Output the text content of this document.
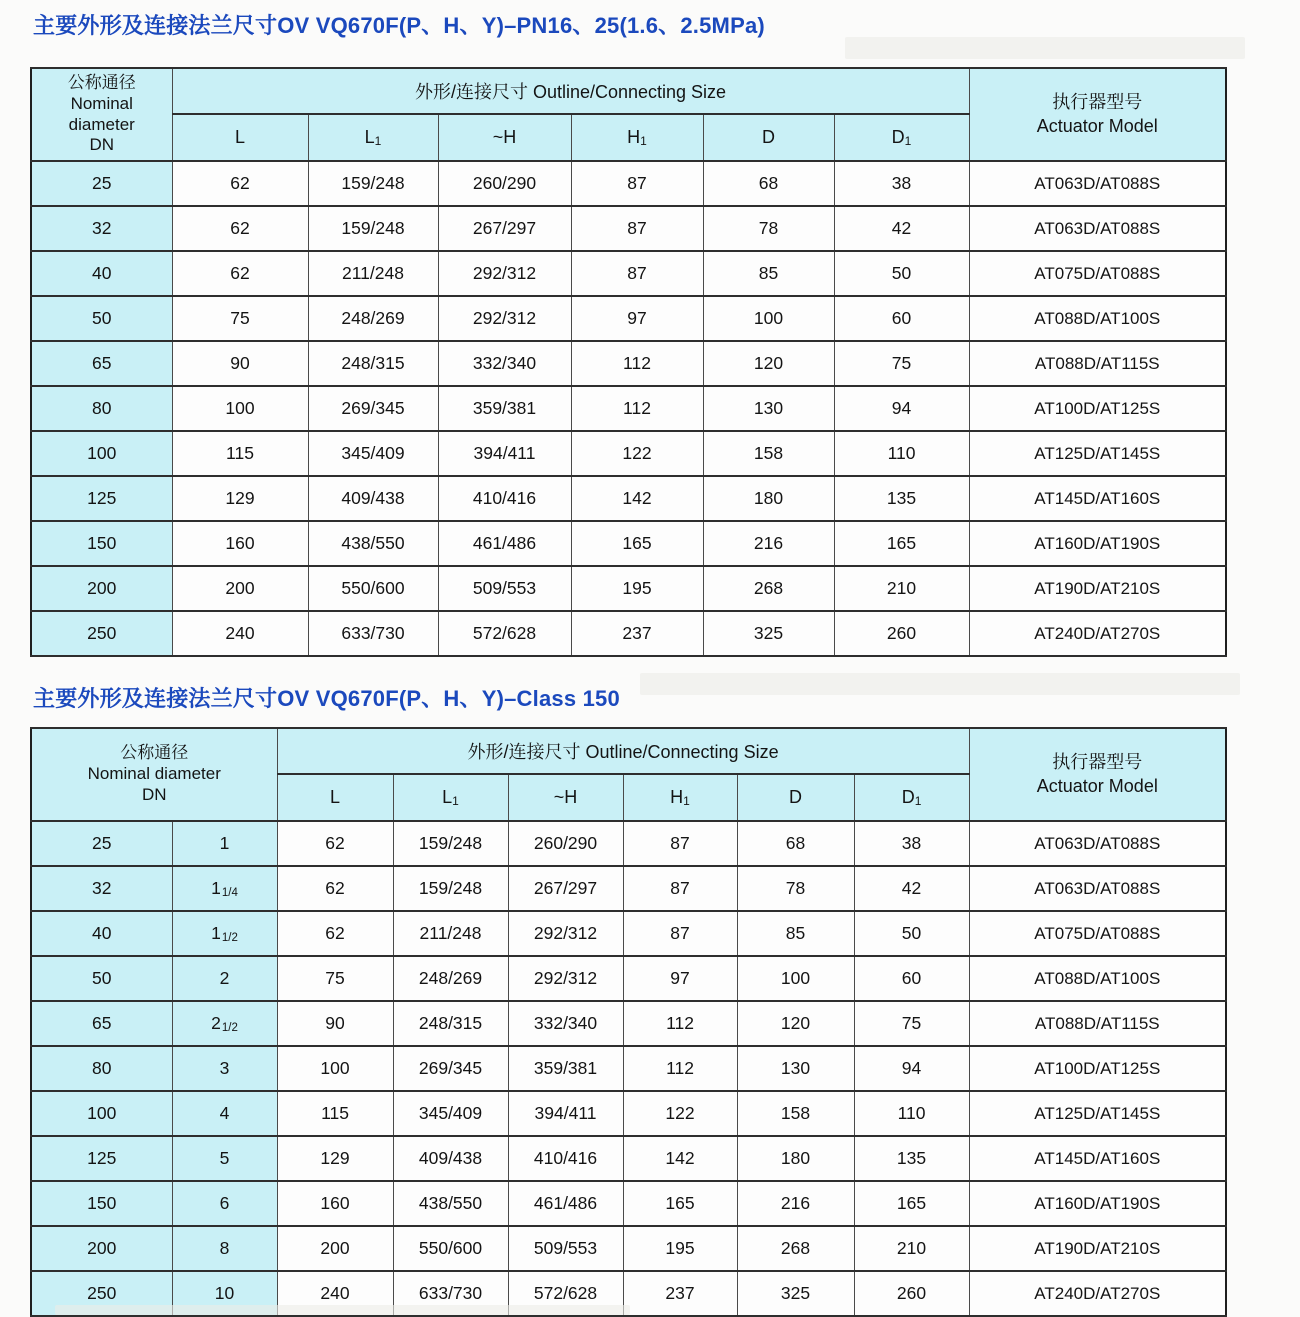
主要外形及连接法兰尺寸OV VQ670F(P、H、Y)–PN16、25(1.6、2.5MPa)
公称通径
Nominal
diameter
DN
	外形/连接尺寸 Outline/Connecting Size	
执行器型号
Actuator Model

	L	$L_1$	~H	$H_1$	D	$D_1$
25	62	159/248	260/290	87	68	38	AT063D/AT088S
32	62	159/248	267/297	87	78	42	AT063D/AT088S
40	62	211/248	292/312	87	85	50	AT075D/AT088S
50	75	248/269	292/312	97	100	60	AT088D/AT100S
65	90	248/315	332/340	112	120	75	AT088D/AT115S
80	100	269/345	359/381	112	130	94	AT100D/AT125S
100	115	345/409	394/411	122	158	110	AT125D/AT145S
125	129	409/438	410/416	142	180	135	AT145D/AT160S
150	160	438/550	461/486	165	216	165	AT160D/AT190S
200	200	550/600	509/553	195	268	210	AT190D/AT210S
250	240	633/730	572/628	237	325	260	AT240D/AT270S
主要外形及连接法兰尺寸OV VQ670F(P、H、Y)–Class 150
公称通径
Nominal diameter
DN
	外形/连接尺寸 Outline/Connecting Size	
执行器型号
Actuator Model

		L	$L_1$	~H	$H_1$	D	$D_1$
25	1	62	159/248	260/290	87	68	38	AT063D/AT088S
32	11/4	62	159/248	267/297	87	78	42	AT063D/AT088S
40	11/2	62	211/248	292/312	87	85	50	AT075D/AT088S
50	2	75	248/269	292/312	97	100	60	AT088D/AT100S
65	21/2	90	248/315	332/340	112	120	75	AT088D/AT115S
80	3	100	269/345	359/381	112	130	94	AT100D/AT125S
100	4	115	345/409	394/411	122	158	110	AT125D/AT145S
125	5	129	409/438	410/416	142	180	135	AT145D/AT160S
150	6	160	438/550	461/486	165	216	165	AT160D/AT190S
200	8	200	550/600	509/553	195	268	210	AT190D/AT210S
250	10	240	633/730	572/628	237	325	260	AT240D/AT270S
